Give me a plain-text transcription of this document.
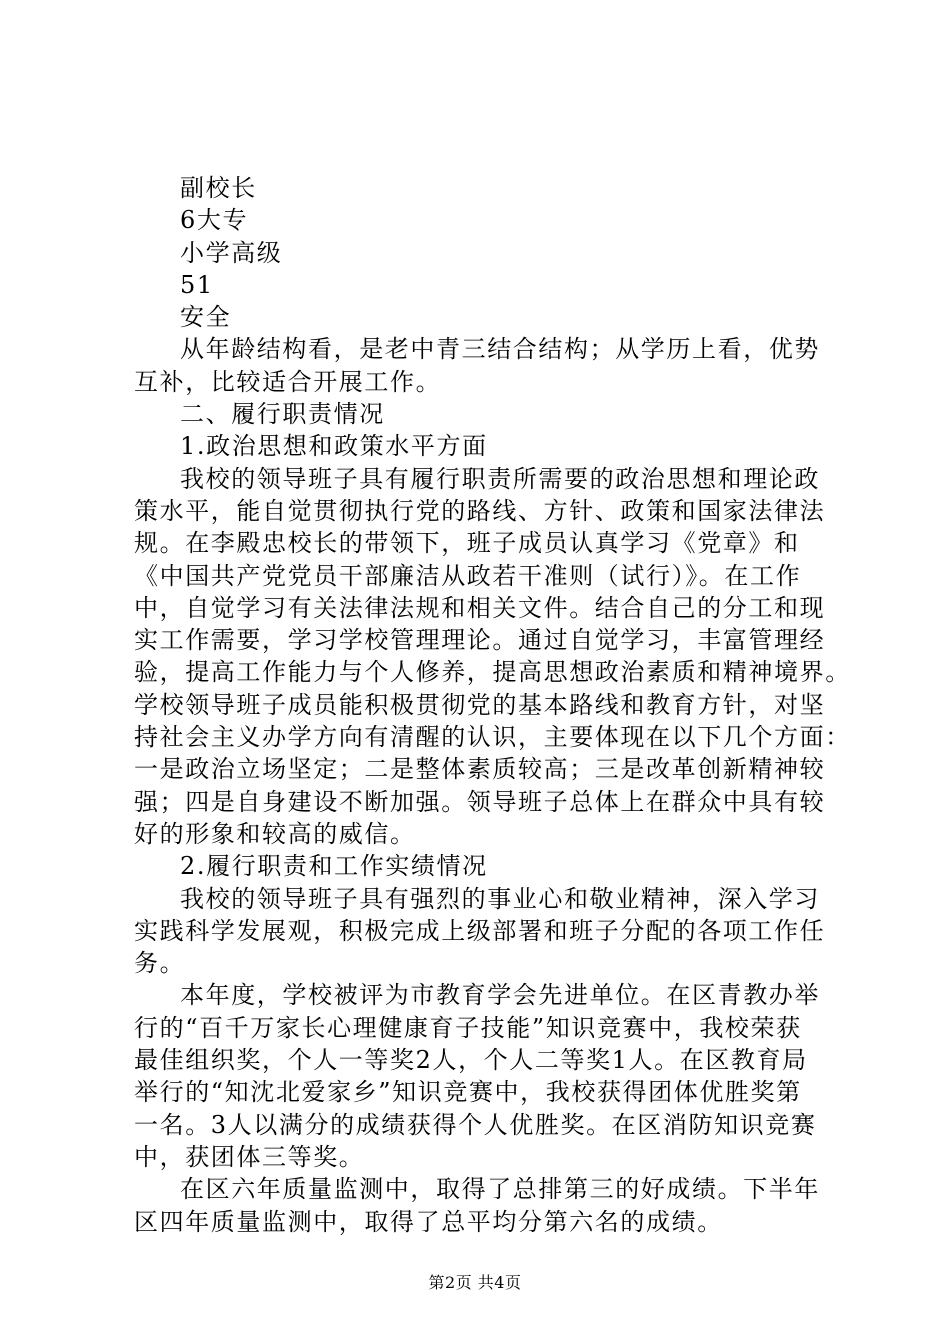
副校长
6大专
小学高级
51
安全
从年龄结构看，是老中青三结合结构；从学历上看，优势
互补，比较适合开展工作。
二、履行职责情况
1.政治思想和政策水平方面
我校的领导班子具有履行职责所需要的政治思想和理论政
策水平，能自觉贯彻执行党的路线、方针、政策和国家法律法
规。在李殿忠校长的带领下，班子成员认真学习《党章》和
《中国共产党党员干部廉洁从政若干准则（试行）》。在工作
中，自觉学习有关法律法规和相关文件。结合自己的分工和现
实工作需要，学习学校管理理论。通过自觉学习，丰富管理经
验，提高工作能力与个人修养，提高思想政治素质和精神境界。
学校领导班子成员能积极贯彻党的基本路线和教育方针，对坚
持社会主义办学方向有清醒的认识，主要体现在以下几个方面：
一是政治立场坚定；二是整体素质较高；三是改革创新精神较
强；四是自身建设不断加强。领导班子总体上在群众中具有较
好的形象和较高的威信。
2.履行职责和工作实绩情况
我校的领导班子具有强烈的事业心和敬业精神，深入学习
实践科学发展观，积极完成上级部署和班子分配的各项工作任
务。
本年度，学校被评为市教育学会先进单位。在区青教办举
行的“百千万家长心理健康育子技能”知识竞赛中，我校荣获
最佳组织奖，个人一等奖2人，个人二等奖1人。在区教育局
举行的“知沈北爱家乡”知识竞赛中，我校获得团体优胜奖第
一名。3人以满分的成绩获得个人优胜奖。在区消防知识竞赛
中，获团体三等奖。
在区六年质量监测中，取得了总排第三的好成绩。下半年
区四年质量监测中，取得了总平均分第六名的成绩。
第2页 共4页
